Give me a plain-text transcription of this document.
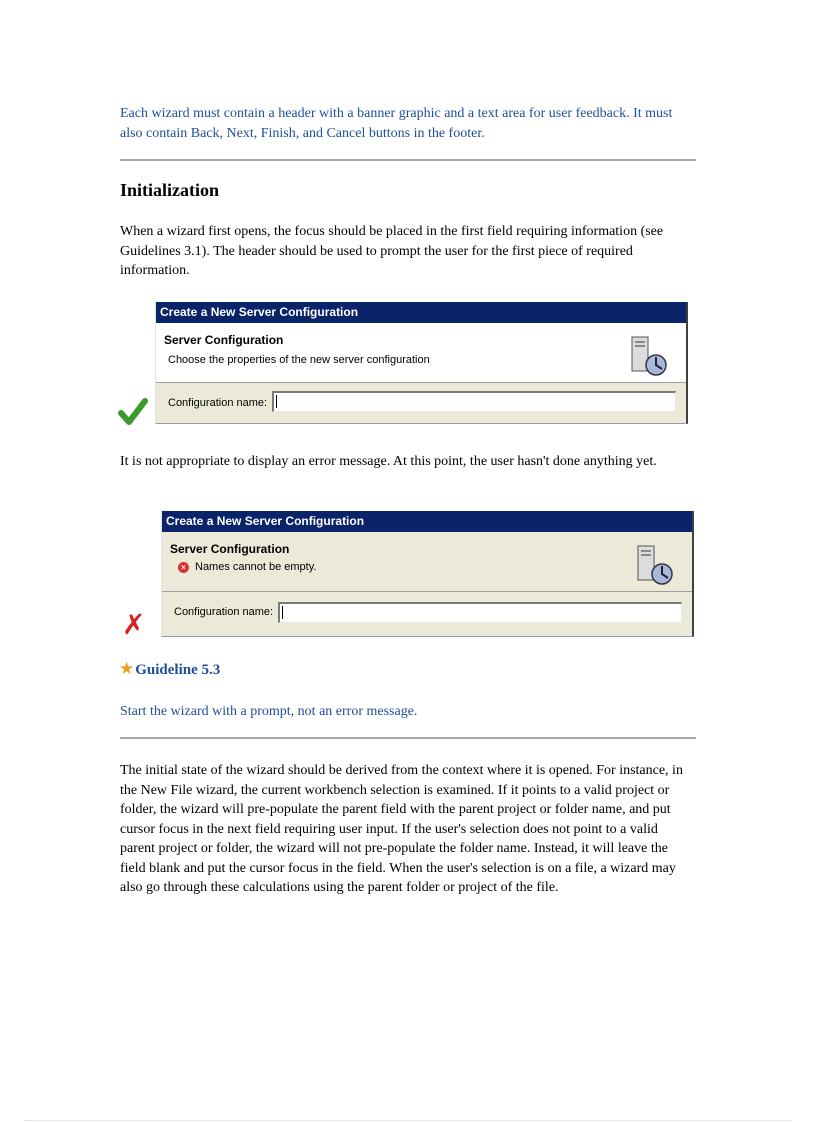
Each wizard must contain a header with a banner graphic and a text area for user feedback. It must also contain Back, Next, Finish, and Cancel buttons in the footer.

Initialization

When a wizard first opens, the focus should be placed in the first field requiring information (see Guidelines 3.1). The header should be used to prompt the user for the first piece of required information.

Create a New Server Configuration
Server Configuration
Choose the properties of the new server configuration
Configuration name:

It is not appropriate to display an error message. At this point, the user hasn't done anything yet.

Create a New Server Configuration
Server Configuration
× Names cannot be empty.
Configuration name:
✗
★ Guideline 5.3

Start the wizard with a prompt, not an error message.

The initial state of the wizard should be derived from the context where it is opened. For instance, in the New File wizard, the current workbench selection is examined. If it points to a valid project or folder, the wizard will pre-populate the parent field with the parent project or folder name, and put cursor focus in the next field requiring user input. If the user's selection does not point to a valid parent project or folder, the wizard will not pre-populate the folder name. Instead, it will leave the field blank and put the cursor focus in the field. When the user's selection is on a file, a wizard may also go through these calculations using the parent folder or project of the file.
